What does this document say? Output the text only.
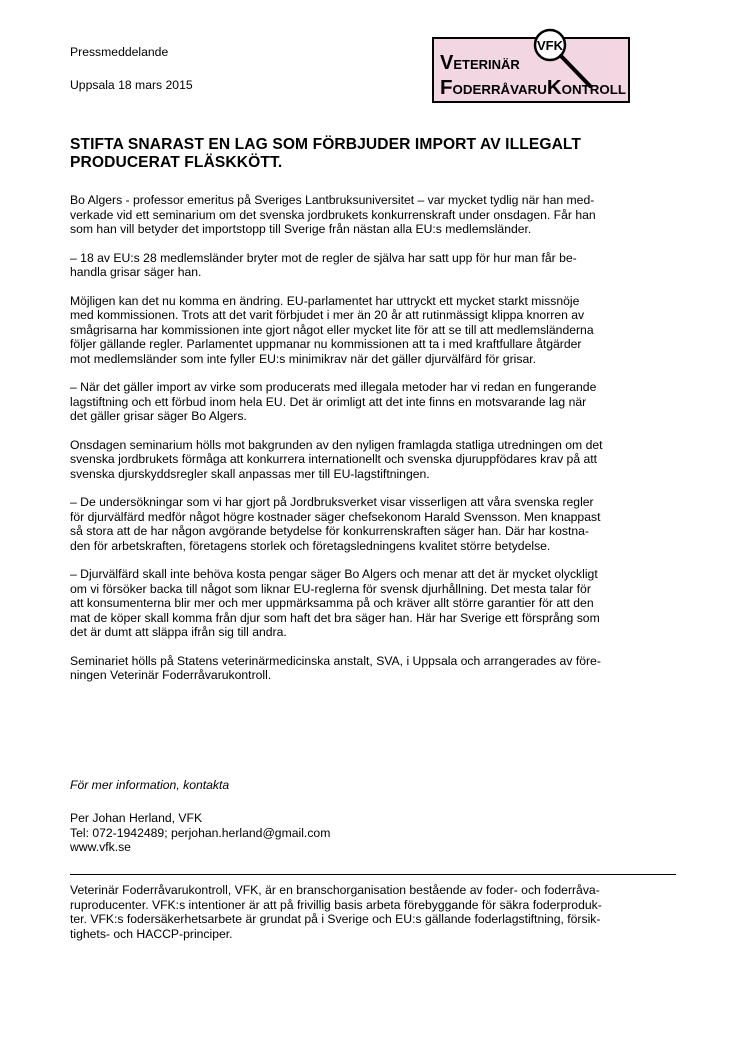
Pressmeddelande
Uppsala 18 mars 2015
VFK
VETERINÄR
FODERRÅVARU KONTROLL
STIFTA SNARAST EN LAG SOM FÖRBJUDER IMPORT AV ILLEGALT
PRODUCERAT FLÄSKKÖTT.
Bo Algers - professor emeritus på Sveriges Lantbruksuniversitet – var mycket tydlig när han med-
verkade vid ett seminarium om det svenska jordbrukets konkurrenskraft under onsdagen. Får han
som han vill betyder det importstopp till Sverige från nästan alla EU:s medlemsländer.
– 18 av EU:s 28 medlemsländer bryter mot de regler de själva har satt upp för hur man får be-
handla grisar säger han.
Möjligen kan det nu komma en ändring. EU-parlamentet har uttryckt ett mycket starkt missnöje
med kommissionen. Trots att det varit förbjudet i mer än 20 år att rutinmässigt klippa knorren av
smågrisarna har kommissionen inte gjort något eller mycket lite för att se till att medlemsländerna
följer gällande regler. Parlamentet uppmanar nu kommissionen att ta i med kraftfullare åtgärder
mot medlemsländer som inte fyller EU:s minimikrav när det gäller djurvälfärd för grisar.
– När det gäller import av virke som producerats med illegala metoder har vi redan en fungerande
lagstiftning och ett förbud inom hela EU. Det är orimligt att det inte finns en motsvarande lag när
det gäller grisar säger Bo Algers.
Onsdagen seminarium hölls mot bakgrunden av den nyligen framlagda statliga utredningen om det
svenska jordbrukets förmåga att konkurrera internationellt och svenska djuruppfödares krav på att
svenska djurskyddsregler skall anpassas mer till EU-lagstiftningen.
– De undersökningar som vi har gjort på Jordbruksverket visar visserligen att våra svenska regler
för djurvälfärd medför något högre kostnader säger chefsekonom Harald Svensson. Men knappast
så stora att de har någon avgörande betydelse för konkurrenskraften säger han. Där har kostna-
den för arbetskraften, företagens storlek och företagsledningens kvalitet större betydelse.
– Djurvälfärd skall inte behöva kosta pengar säger Bo Algers och menar att det är mycket olyckligt
om vi försöker backa till något som liknar EU-reglerna för svensk djurhållning. Det mesta talar för
att konsumenterna blir mer och mer uppmärksamma på och kräver allt större garantier för att den
mat de köper skall komma från djur som haft det bra säger han. Här har Sverige ett försprång som
det är dumt att släppa ifrån sig till andra.
Seminariet hölls på Statens veterinärmedicinska anstalt, SVA, i Uppsala och arrangerades av före-
ningen Veterinär Foderråvarukontroll.
För mer information, kontakta
Per Johan Herland, VFK
Tel: 072-1942489; perjohan.herland@gmail.com
www.vfk.se
Veterinär Foderråvarukontroll, VFK, är en branschorganisation bestående av foder- och foderråva-
ruproducenter. VFK:s intentioner är att på frivillig basis arbeta förebyggande för säkra foderproduk-
ter. VFK:s fodersäkerhetsarbete är grundat på i Sverige och EU:s gällande foderlagstiftning, försik-
tighets- och HACCP-principer.
